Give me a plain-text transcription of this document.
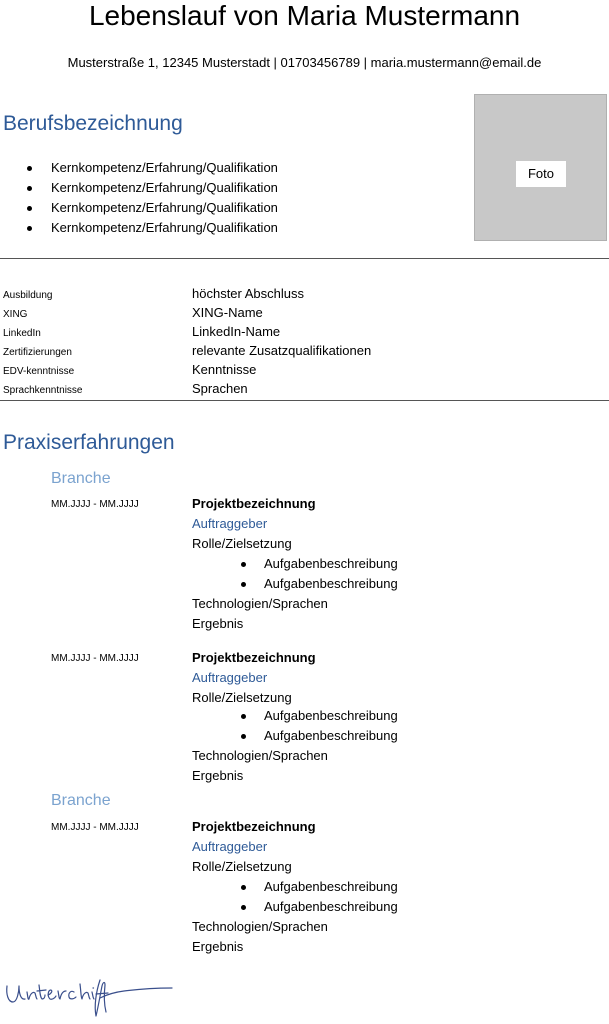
Lebenslauf von Maria Mustermann
Musterstraße 1, 12345 Musterstadt | 01703456789 | maria.mustermann@email.de
Berufsbezeichnung
Foto
Kernkompetenz/Erfahrung/Qualifikation
Kernkompetenz/Erfahrung/Qualifikation
Kernkompetenz/Erfahrung/Qualifikation
Kernkompetenz/Erfahrung/Qualifikation
Ausbildung	höchster Abschluss
XING	XING-Name
LinkedIn	LinkedIn-Name
Zertifizierungen	relevante Zusatzqualifikationen
EDV-kenntnisse	Kenntnisse
Sprachkenntnisse	Sprachen
Praxiserfahrungen
Branche
MM.JJJJ - MM.JJJJ	Projektbezeichnung
Auftraggeber
Rolle/Zielsetzung
Aufgabenbeschreibung
Aufgabenbeschreibung
Technologien/Sprachen
Ergebnis
MM.JJJJ - MM.JJJJ	Projektbezeichnung
Auftraggeber
Rolle/Zielsetzung
Aufgabenbeschreibung
Aufgabenbeschreibung
Technologien/Sprachen
Ergebnis
Branche
MM.JJJJ - MM.JJJJ	Projektbezeichnung
Auftraggeber
Rolle/Zielsetzung
Aufgabenbeschreibung
Aufgabenbeschreibung
Technologien/Sprachen
Ergebnis
